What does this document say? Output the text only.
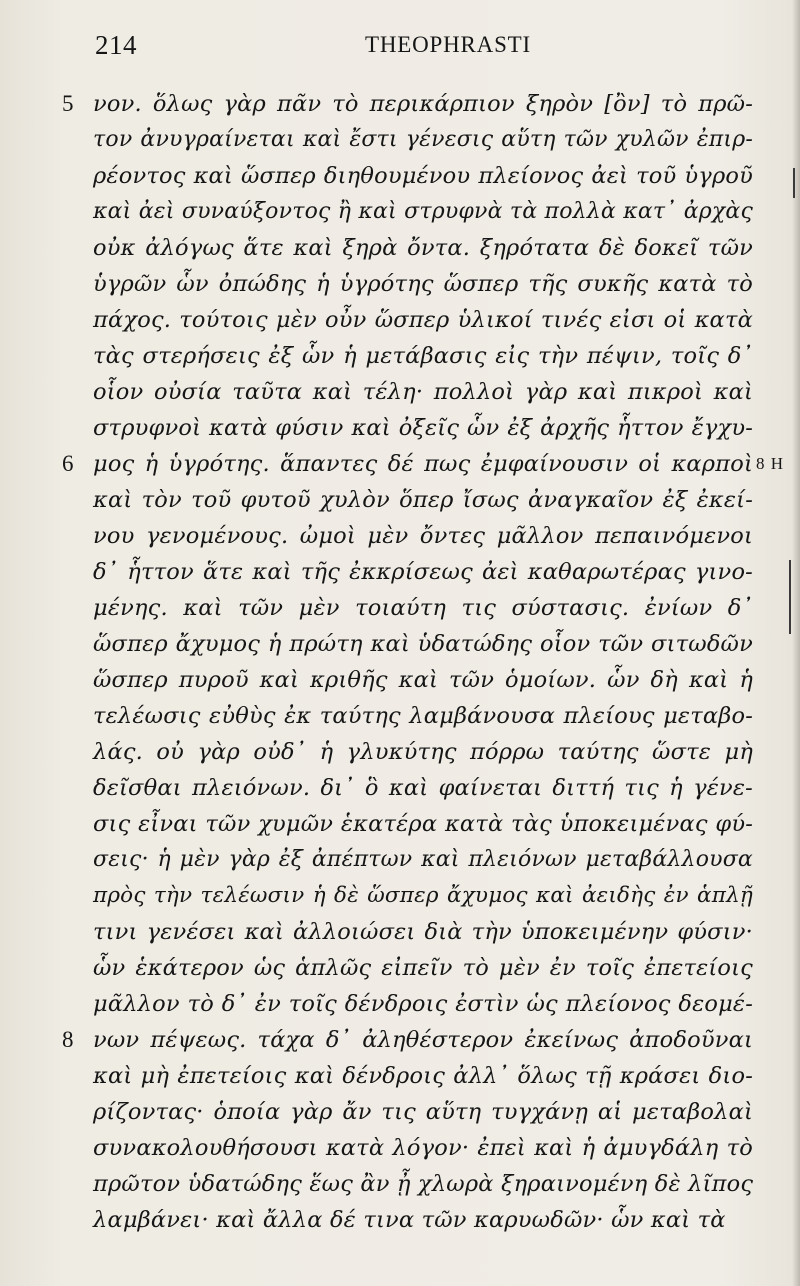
214	THEOPHRASTI
5 νον. ὅλως γὰρ πᾶν τὸ περικάρπιον ξηρὸν [ὂν] τὸ πρῶ-
τον ἀνυγραίνεται καὶ ἔστι γένεσις αὕτη τῶν χυλῶν ἐπιρ-
ρέοντος καὶ ὥσπερ διηθουμένου πλείονος ἀεὶ τοῦ ὑγροῦ
καὶ ἀεὶ συναύξοντος ἢ καὶ στρυφνὰ τὰ πολλὰ κατ᾽ ἀρχὰς
οὐκ ἀλόγως ἅτε καὶ ξηρὰ ὄντα. ξηρότατα δὲ δοκεῖ τῶν
ὑγρῶν ὧν ὀπώδης ἡ ὑγρότης ὥσπερ τῆς συκῆς κατὰ τὸ
πάχος. τούτοις μὲν οὖν ὥσπερ ὑλικοί τινές εἰσι οἱ κατὰ
τὰς στερήσεις ἐξ ὧν ἡ μετάβασις εἰς τὴν πέψιν, τοῖς δ᾽
οἷον οὐσία ταῦτα καὶ τέλη· πολλοὶ γὰρ καὶ πικροὶ καὶ
στρυφνοὶ κατὰ φύσιν καὶ ὀξεῖς ὧν ἐξ ἀρχῆς ἧττον ἔγχυ-
6 μος ἡ ὑγρότης. ἅπαντες δέ πως ἐμφαίνουσιν οἱ καρποὶ 8 H
καὶ τὸν τοῦ φυτοῦ χυλὸν ὅπερ ἴσως ἀναγκαῖον ἐξ ἐκεί-
νου γενομένους. ὠμοὶ μὲν ὄντες μᾶλλον πεπαινόμενοι
δ᾽ ἧττον ἅτε καὶ τῆς ἐκκρίσεως ἀεὶ καθαρωτέρας γινο-
μένης. καὶ τῶν μὲν τοιαύτη τις σύστασις. ἐνίων δ᾽
ὥσπερ ἄχυμος ἡ πρώτη καὶ ὑδατώδης οἷον τῶν σιτωδῶν
ὥσπερ πυροῦ καὶ κριθῆς καὶ τῶν ὁμοίων. ὧν δὴ καὶ ἡ
τελέωσις εὐθὺς ἐκ ταύτης λαμβάνουσα πλείους μεταβο-
λάς. οὐ γὰρ οὐδ᾽ ἡ γλυκύτης πόρρω ταύτης ὥστε μὴ
δεῖσθαι πλειόνων. δι᾽ ὃ καὶ φαίνεται διττή τις ἡ γένε-
σις εἶναι τῶν χυμῶν ἑκατέρα κατὰ τὰς ὑποκειμένας φύ-
σεις· ἡ μὲν γὰρ ἐξ ἀπέπτων καὶ πλειόνων μεταβάλλουσα
πρὸς τὴν τελέωσιν ἡ δὲ ὥσπερ ἄχυμος καὶ ἀειδὴς ἐν ἁπλῇ
τινι γενέσει καὶ ἀλλοιώσει διὰ τὴν ὑποκειμένην φύσιν·
ὧν ἑκάτερον ὡς ἁπλῶς εἰπεῖν τὸ μὲν ἐν τοῖς ἐπετείοις
μᾶλλον τὸ δ᾽ ἐν τοῖς δένδροις ἐστὶν ὡς πλείονος δεομέ-
8 νων πέψεως. τάχα δ᾽ ἀληθέστερον ἐκείνως ἀποδοῦναι
καὶ μὴ ἐπετείοις καὶ δένδροις ἀλλ᾽ ὅλως τῇ κράσει διο-
ρίζοντας· ὁποία γὰρ ἄν τις αὕτη τυγχάνῃ αἱ μεταβολαὶ
συνακολουθήσουσι κατὰ λόγον· ἐπεὶ καὶ ἡ ἀμυγδάλη τὸ
πρῶτον ὑδατώδης ἕως ἂν ᾖ χλωρὰ ξηραινομένη δὲ λῖπος
λαμβάνει· καὶ ἄλλα δέ τινα τῶν καρυωδῶν· ὧν καὶ τὰ
